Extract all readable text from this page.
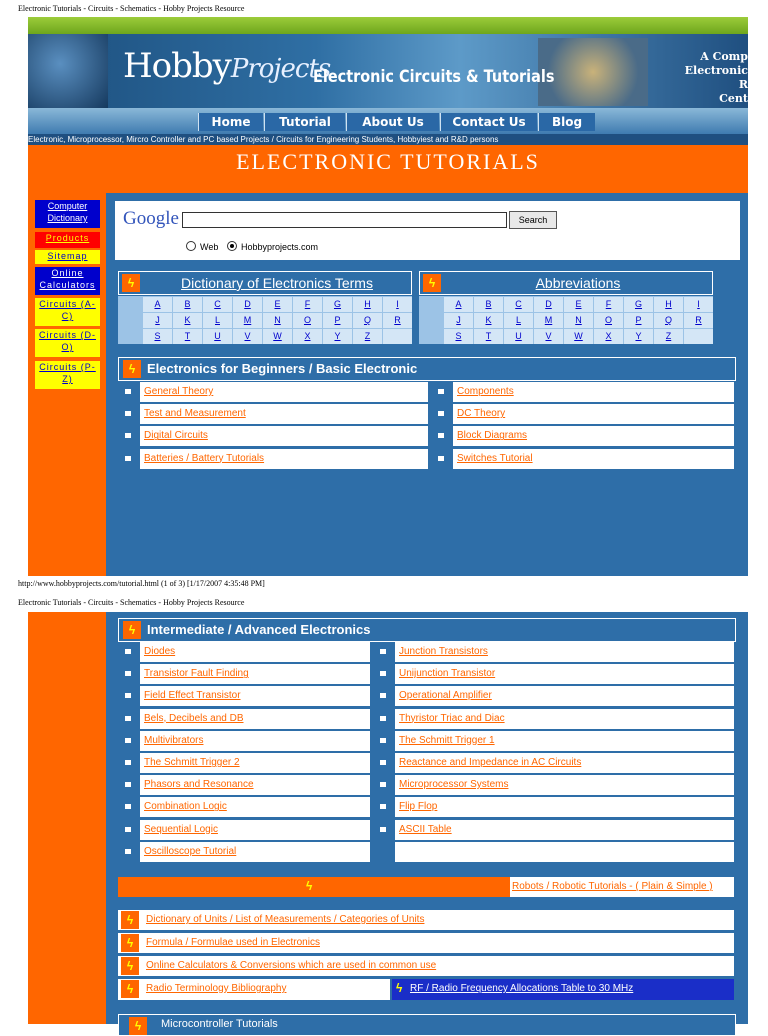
Electronic Tutorials - Circuits - Schematics - Hobby Projects Resource
HobbyProjects
Electronic Circuits & Tutorials
A Comp
Electronic R
Cent
Home	Tutorial	About Us	Contact Us	Blog
Electronic, Microprocessor, Mircro Controller and PC based Projects / Circuits for Engineering Students, Hobbyiest and R&D persons
ELECTRONIC TUTORIALS
Computer Dictionary
Products
Sitemap
Online Calculators
Circuits (A-C)
Circuits (D-O)
Circuits (P-Z)
Google	Search
Web	Hobbyprojects.com
ϟ	Dictionary of Electronics Terms
A	B	C	D	E	F	G	H	I
J	K	L	M	N	O	P	Q	R
S	T	U	V	W	X	Y	Z
ϟ	Abbreviations
A	B	C	D	E	F	G	H	I
J	K	L	M	N	O	P	Q	R
S	T	U	V	W	X	Y	Z
ϟ Electronics for Beginners / Basic Electronic
General Theory	Components
Test and Measurement	DC Theory
Digital Circuits	Block Diagrams
Batteries / Battery Tutorials	Switches Tutorial
http://www.hobbyprojects.com/tutorial.html (1 of 3) [1/17/2007 4:35:48 PM]
Electronic Tutorials - Circuits - Schematics - Hobby Projects Resource
ϟ Intermediate / Advanced Electronics
Diodes	Junction Transistors
Transistor Fault Finding	Unijunction Transistor
Field Effect Transistor	Operational Amplifier
Bels, Decibels and DB	Thyristor Triac and Diac
Multivibrators	The Schmitt Trigger 1
The Schmitt Trigger 2	Reactance and Impedance in AC Circuits
Phasors and Resonance	Microprocessor Systems
Combination Logic	Flip Flop
Sequential Logic	ASCII Table
Oscilloscope Tutorial
ϟ	Robots / Robotic Tutorials - ( Plain & Simple )
ϟ	Dictionary of Units / List of Measurements / Categories of Units
ϟ	Formula / Formulae used in Electronics
ϟ	Online Calculators & Conversions which are used in common use
ϟ	Radio Terminology Bibliography	ϟ RF / Radio Frequency Allocations Table to 30 MHz
ϟ	Microcontroller Tutorials
